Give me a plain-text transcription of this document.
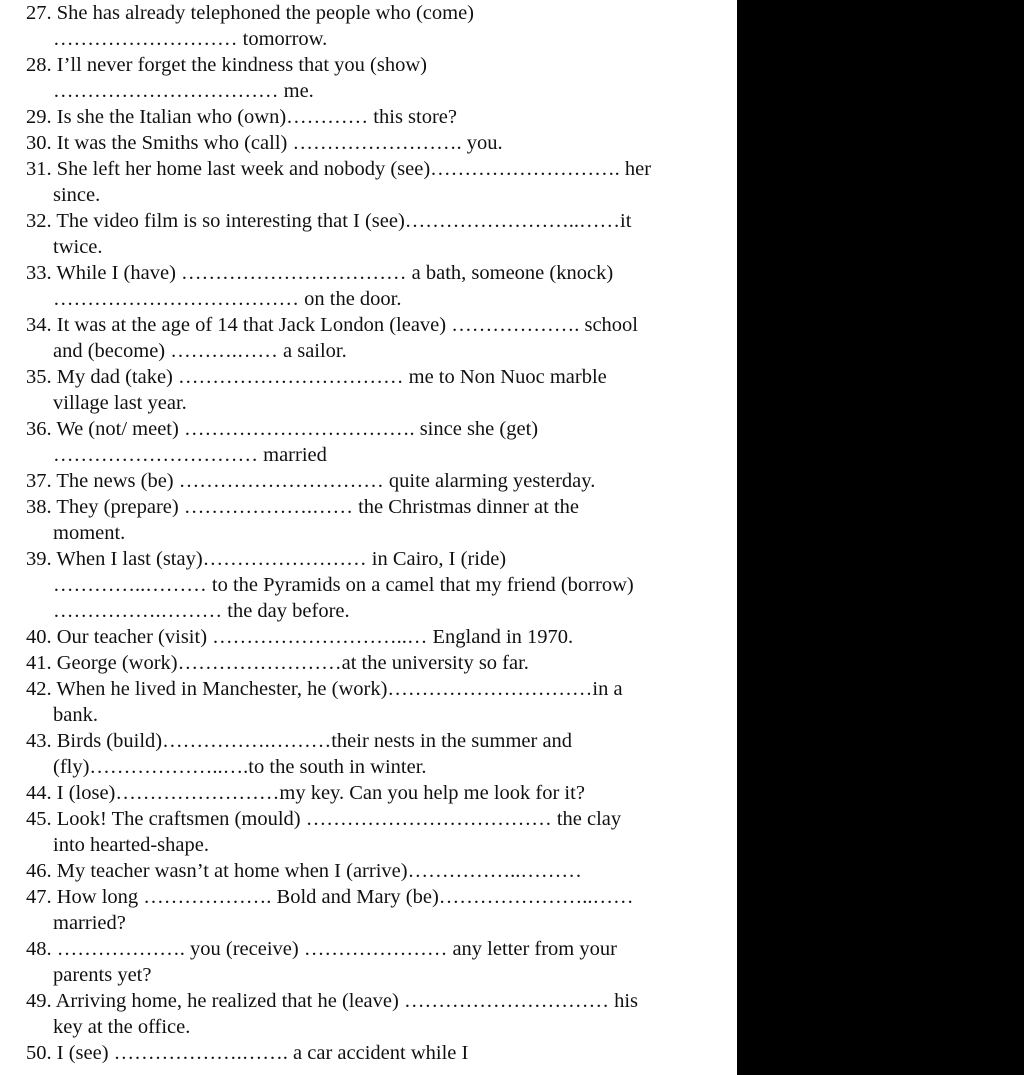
27. She has already telephoned the people who (come)
……………………… tomorrow.
28. I’ll never forget the kindness that you (show)
…………………………… me.
29. Is she the Italian who (own)………… this store?
30. It was the Smiths who (call) ……………………. you.
31. She left her home last week and nobody (see)………………………. her
since.
32. The video film is so interesting that I (see)……………………..……it
twice.
33. While I (have) …………………………… a bath, someone (knock)
……………………………… on the door.
34. It was at the age of 14 that Jack London (leave) ………………. school
and (become) ……….…… a sailor.
35. My dad (take) …………………………… me to Non Nuoc marble
village last year.
36. We (not/ meet) ……………………………. since she (get)
………………………… married
37. The news (be) ………………………… quite alarming yesterday.
38. They (prepare) ……………….…… the Christmas dinner at the
moment.
39. When I last (stay)…………………… in Cairo, I (ride)
…………..……… to the Pyramids on a camel that my friend (borrow)
…………….……… the day before.
40. Our teacher (visit) ………………………..… England in 1970.
41. George (work)……………………at the university so far.
42. When he lived in Manchester, he (work)…………………………in a
bank.
43. Birds (build)…………….………their nests in the summer and
(fly)………………..….to the south in winter.
44. I (lose)……………………my key. Can you help me look for it?
45. Look! The craftsmen (mould) ……………………………… the clay
into hearted-shape.
46. My teacher wasn’t at home when I (arrive)……………..………
47. How long ………………. Bold and Mary (be)…………………..……
married?
48. ………………. you (receive) ………………… any letter from your
parents yet?
49. Arriving home, he realized that he (leave) ………………………… his
key at the office.
50. I (see) ……………….……. a car accident while I
